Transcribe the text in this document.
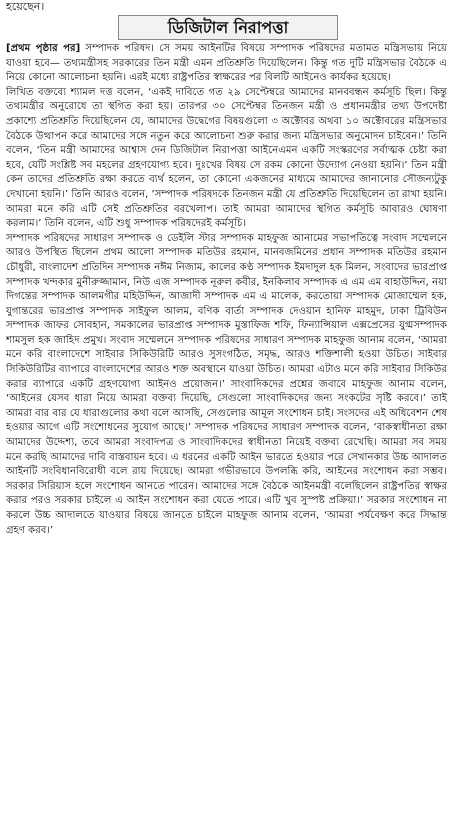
হয়েছেন।
ডিজিটাল নিরাপত্তা

[প্রথম পৃষ্ঠার পর] সম্পাদক পরিষদ। সে সময় আইনটির বিষয়ে সম্পাদক পরিষদের মতামত মন্ত্রিসভায় নিয়ে যাওয়া হবে— তথ্যমন্ত্রীসহ সরকারের তিন মন্ত্রী এমন প্রতিশ্রুতি দিয়েছিলেন। কিন্তু গত দুটি মন্ত্রিসভার বৈঠকে এ নিয়ে কোনো আলোচনা হয়নি। এরই মধ্যে রাষ্ট্রপতির স্বাক্ষরের পর বিলটি আইনেও কার্যকর হয়েছে।

লিখিত বক্তব্যে শ্যামল দত্ত বলেন, ‘একই দাবিতে গত ২৯ সেপ্টেম্বরে আমাদের মানববন্ধন কর্মসূচি ছিল। কিন্তু তথ্যমন্ত্রীর অনুরোধে তা স্থগিত করা হয়। তারপর ৩০ সেপ্টেম্বর তিনজন মন্ত্রী ও প্রধানমন্ত্রীর তথ্য উপদেষ্টা প্রকাশ্যে প্রতিশ্রুতি দিয়েছিলেন যে, আমাদের উদ্বেগের বিষয়গুলো ৩ অক্টোবর অথবা ১০ অক্টোবরের মন্ত্রিসভার বৈঠকে উত্থাপন করে আমাদের সঙ্গে নতুন করে আলোচনা শুরু করার জন্য মন্ত্রিসভার অনুমোদন চাইবেন।’ তিনি বলেন, ‘তিন মন্ত্রী আমাদের আশ্বাস দেন ডিজিটাল নিরাপত্তা আইনেএমন একটি সংস্করণের সর্বাত্মক চেষ্টা করা হবে, যেটি সংশ্লিষ্ট সব মহলের গ্রহণযোগ্য হবে। দুঃখের বিষয় সে রকম কোনো উদ্যোগ নেওয়া হয়নি।’ তিন মন্ত্রী কেন তাদের প্রতিশ্রুতি রক্ষা করতে ব্যর্থ হলেন, তা কোনো একজনের মাধ্যমে আমাদের জানানোর সৌজন্যটুকু দেখানো হয়নি।’ তিনি আরও বলেন, ‘সম্পাদক পরিষদকে তিনজন মন্ত্রী যে প্রতিশ্রুতি দিয়েছিলেন তা রাখা হয়নি। আমরা মনে করি এটি সেই প্রতিশ্রুতির বরখেলাপ। তাই আমরা আমাদের স্থগিত কর্মসূচি আবারও ঘোষণা করলাম।’ তিনি বলেন, এটি শুধু সম্পাদক পরিষদেরই কর্মসূচি।

সম্পাদক পরিষদের সাধারণ সম্পাদক ও ডেইলি স্টার সম্পাদক মাহফুজ আনামের সভাপতিত্বে সংবাদ সম্মেলনে আরও উপস্থিত ছিলেন প্রথম আলো সম্পাদক মতিউর রহমান, মানবজমিনের প্রধান সম্পাদক মতিউর রহমান চৌধুরী, বাংলাদেশ প্রতিদিন সম্পাদক নঈম নিজাম, কালের কণ্ঠ সম্পাদক ইমদাদুল হক মিলন, সংবাদের ভারপ্রাপ্ত সম্পাদক খন্দকার মুনীরুজ্জামান, নিউ এজ সম্পাদক নূরুল কবীর, ইনকিলাব সম্পাদক এ এম এম বাহাউদ্দিন, নয়া দিগন্তের সম্পাদক আলমগীর মহিউদ্দিন, আজাদী সম্পাদক এম এ মালেক, করতোয়া সম্পাদক মোজাম্মেল হক, যুগান্তরের ভারপ্রাপ্ত সম্পাদক সাইফুল আলম, বণিক বার্তা সম্পাদক দেওয়ান হানিফ মাহমুদ, ঢাকা ট্রিবিউন সম্পাদক জাফর সোবহান, সমকালের ভারপ্রাপ্ত সম্পাদক মুস্তাফিজ শফি, ফিন্যান্সিয়াল এক্সপ্রেসের যুগ্মসম্পাদক শামসুল হক জাহিদ প্রমুখ। সংবাদ সম্মেলনে সম্পাদক পরিষদের সাধারণ সম্পাদক মাহফুজ আনাম বলেন, ‘আমরা মনে করি বাংলাদেশে সাইবার সিকিউরিটি আরও সুসংগঠিত, সমৃদ্ধ, আরও শক্তিশালী হওয়া উচিত। সাইবার সিকিউরিটির ব্যাপারে বাংলাদেশের আরও শক্ত অবস্থানে যাওয়া উচিত। আমরা এটাও মনে করি সাইবার সিকিউর করার ব্যাপারে একটি গ্রহণযোগ্য আইনও প্রয়োজন।’ সাংবাদিকদের প্রশ্নের জবাবে মাহফুজ আনাম বলেন, ‘আইনের যেসব ধারা নিয়ে আমরা বক্তব্য দিয়েছি, সেগুলো সাংবাদিকদের জন্য সংকটের সৃষ্টি করবে।’ তাই আমরা বার বার যে ধারাগুলোর কথা বলে আসছি, সেগুলোর আমূল সংশোধন চাই। সংসদের এই অধিবেশন শেষ হওয়ার আগে এটি সংশোধনের সুযোগ আছে।’ সম্পাদক পরিষদের সাধারণ সম্পাদক বলেন, ‘বাকস্বাধীনতা রক্ষা আমাদের উদ্দেশ্য, তবে আমরা সংবাদপত্র ও সাংবাদিকদের স্বাধীনতা নিয়েই বক্তব্য রেখেছি। আমরা সব সময় মনে করছি আমাদের দাবি বাস্তবায়ন হবে। এ ধরনের একটি আইন ভারতে হওয়ার পরে সেখানকার উচ্চ আদালত আইনটি সংবিধানবিরোধী বলে রায় দিয়েছে। আমরা গভীরভাবে উপলব্ধি করি, আইনের সংশোধন করা সম্ভব। সরকার সিরিয়াস হলে সংশোধন আনতে পারেন। আমাদের সঙ্গে বৈঠকে আইনমন্ত্রী বলেছিলেন রাষ্ট্রপতির স্বাক্ষর করার পরও সরকার চাইলে এ আইন সংশোধন করা যেতে পারে। এটি খুব সুস্পষ্ট প্রক্রিয়া।’ সরকার সংশোধন না করলে উচ্চ আদালতে যাওয়ার বিষয়ে জানতে চাইলে মাহফুজ আনাম বলেন, ‘আমরা পর্যবেক্ষণ করে সিদ্ধান্ত গ্রহণ করব।’
